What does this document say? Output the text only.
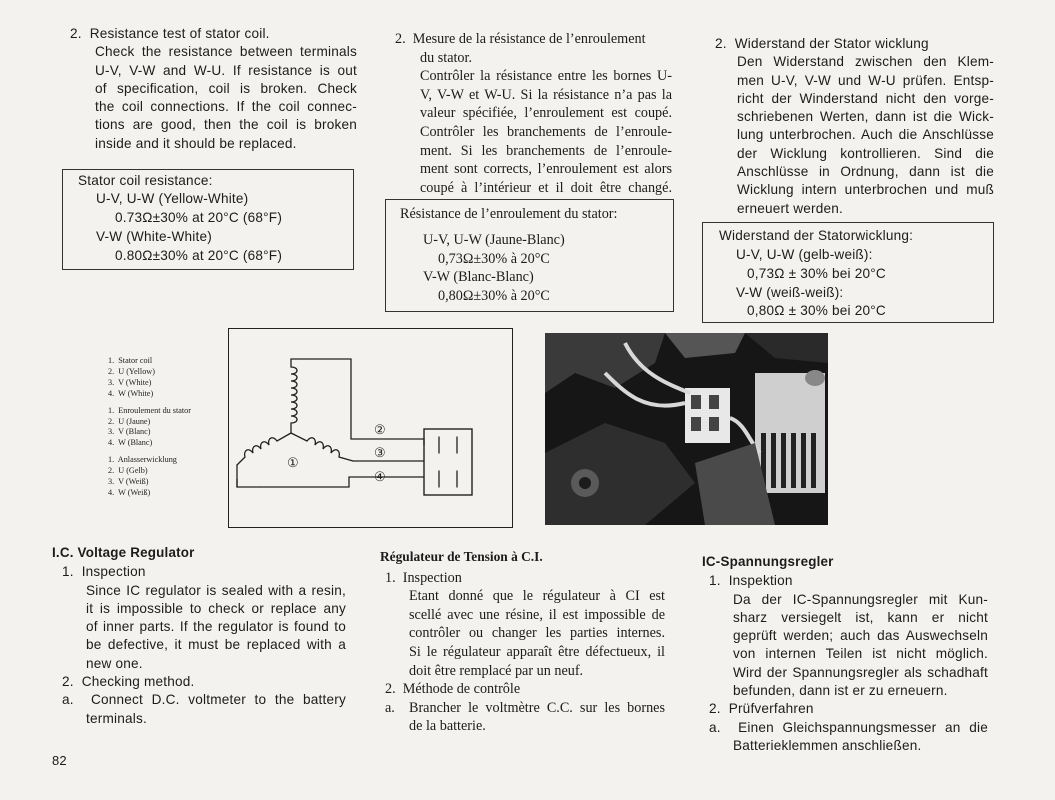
2.  Resistance test of stator coil.
Check the resistance between terminals
U-V, V-W and W-U. If resistance is out
of specification, coil is broken. Check
the coil connections. If the coil connec-
tions are good, then the coil is broken
inside and it should be replaced.
Stator coil resistance:
U-V, U-W (Yellow-White)
0.73Ω±30% at 20°C (68°F)
V-W (White-White)
0.80Ω±30% at 20°C (68°F)
I.C. Voltage Regulator
1.  Inspection
Since IC regulator is sealed with a resin,
it is impossible to check or replace any
of inner parts. If the regulator is found to
be defective, it must be replaced with a
new one.
2.  Checking method.
a.  Connect D.C. voltmeter to the battery
terminals.
82
2.  Mesure de la résistance de l’enroulement
du stator.
Contrôler la résistance entre les bornes U-
V, V-W et W-U. Si la résistance n’a pas la
valeur spécifiée, l’enroulement est coupé.
Contrôler les branchements de l’enroule-
ment. Si les branchements de l’enroule-
ment sont corrects, l’enroulement est alors
coupé à l’intérieur et il doit être changé.
Résistance de l’enroulement du stator:
U-V, U-W (Jaune-Blanc)
0,73Ω±30% à 20°C
V-W (Blanc-Blanc)
0,80Ω±30% à 20°C
Régulateur de Tension à C.I.
1.  Inspection
Etant donné que le régulateur à CI est
scellé avec une résine, il est impossible de
contrôler ou changer les parties internes.
Si le régulateur apparaît être défectueux, il
doit être remplacé par un neuf.
2.  Méthode de contrôle
a.  Brancher le voltmètre C.C. sur les bornes
de la batterie.
2.  Widerstand der Stator wicklung
Den Widerstand zwischen den Klem-
men U-V, V-W und W-U prüfen. Entsp-
richt der Winderstand nicht den vorge-
schriebenen Werten, dann ist die Wick-
lung unterbrochen. Auch die Anschlüsse
der Wicklung kontrollieren. Sind die
Anschlüsse in Ordnung, dann ist die
Wicklung intern unterbrochen und muß
erneuert werden.
Widerstand der Statorwicklung:
U-V, U-W (gelb-weiß):
0,73Ω ± 30% bei 20°C
V-W (weiß-weiß):
0,80Ω ± 30% bei 20°C
IC-Spannungsregler
1.  Inspektion
Da der IC-Spannungsregler mit Kun-
sharz versiegelt ist, kann er nicht
geprüft werden; auch das Auswechseln
von internen Teilen ist nicht möglich.
Wird der Spannungsregler als schadhaft
befunden, dann ist er zu erneuern.
2.  Prüfverfahren
a.  Einen Gleichspannungsmesser an die
Batterieklemmen anschließen.
1.  Stator coil
2.  U (Yellow)
3.  V (White)
4.  W (White)
1.  Enroulement du stator
2.  U (Jaune)
3.  V (Blanc)
4.  W (Blanc)
1.  Anlasserwicklung
2.  U (Gelb)
3.  V (Weiß)
4.  W (Weiß)
①
②
③
④
